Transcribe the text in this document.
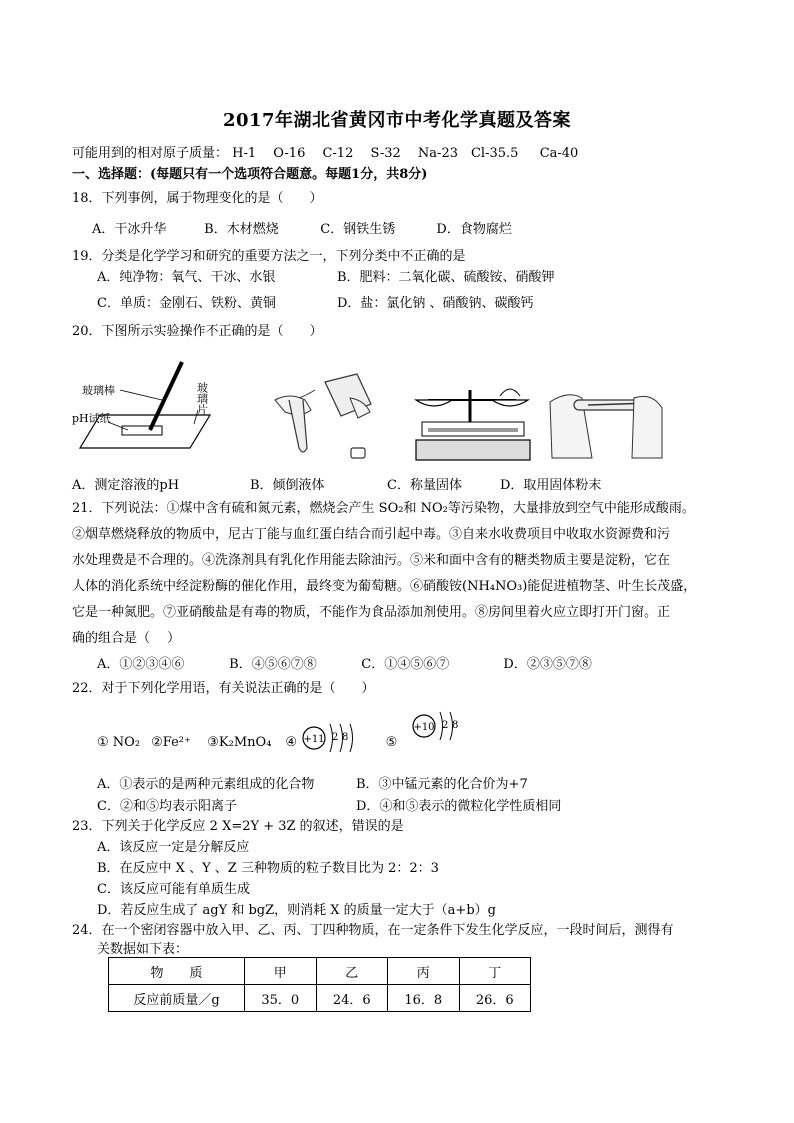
2017年湖北省黄冈市中考化学真题及答案
可能用到的相对原子质量： H-1 　O-16　 C-12　 S-32　 Na-23　Cl-35.5 　 Ca-40
一、选择题：(每题只有一个选项符合题意。每题1分，共8分)
18．下列事例，属于物理变化的是（　　）
A．干冰升华	B．木材燃烧	C．钢铁生锈	D．食物腐烂
19．分类是化学学习和研究的重要方法之一，下列分类中不正确的是
A．纯净物：氧气、干冰、水银	B．肥料：二氧化碳、硫酸铵、硝酸钾
C．单质：金刚石、铁粉、黄铜	D．盐：氯化钠 、硝酸钠、碳酸钙
20．下图所示实验操作不正确的是（　　）
玻璃棒
pH试纸
玻璃片
A．测定溶液的pH	B．倾倒液体	C．称量固体	D．取用固体粉末
21．下列说法：①煤中含有硫和氮元素，燃烧会产生 SO₂和 NO₂等污染物，大量排放到空气中能形成酸雨。
②烟草燃烧释放的物质中，尼古丁能与血红蛋白结合而引起中毒。③自来水收费项目中收取水资源费和污
水处理费是不合理的。④洗涤剂具有乳化作用能去除油污。⑤米和面中含有的糖类物质主要是淀粉，它在
人体的消化系统中经淀粉酶的催化作用，最终变为葡萄糖。⑥硝酸铵(NH₄NO₃)能促进植物茎、叶生长茂盛，
它是一种氮肥。⑦亚硝酸盐是有毒的物质，不能作为食品添加剂使用。⑧房间里着火应立即打开门窗。正
确的组合是（　 ）
A．①②③④⑥	B．④⑤⑥⑦⑧	C．①④⑤⑥⑦	D．②③⑤⑦⑧
22．对于下列化学用语，有关说法正确的是（　　）
① NO₂ ②Fe²⁺ ③K₂MnO₄ ④	⑤
+11 2 8
+10 2 8
A．①表示的是两种元素组成的化合物	B．③中锰元素的化合价为+7
C．②和⑤均表示阳离子	D．④和⑤表示的微粒化学性质相同
23．下列关于化学反应 2 X=2Y + 3Z 的叙述，错误的是
A．该反应一定是分解反应
B．在反应中 X 、Y 、Z 三种物质的粒子数目比为 2：2：3
C．该反应可能有单质生成
D．若反应生成了 agY 和 bgZ，则消耗 X 的质量一定大于（a+b）g
24．在一个密闭容器中放入甲、乙、丙、丁四种物质，在一定条件下发生化学反应，一段时间后，测得有
关数据如下表：
物　　质	甲	乙	丙	丁
反应前质量／g	35．0	24．6	16．8	26．6
